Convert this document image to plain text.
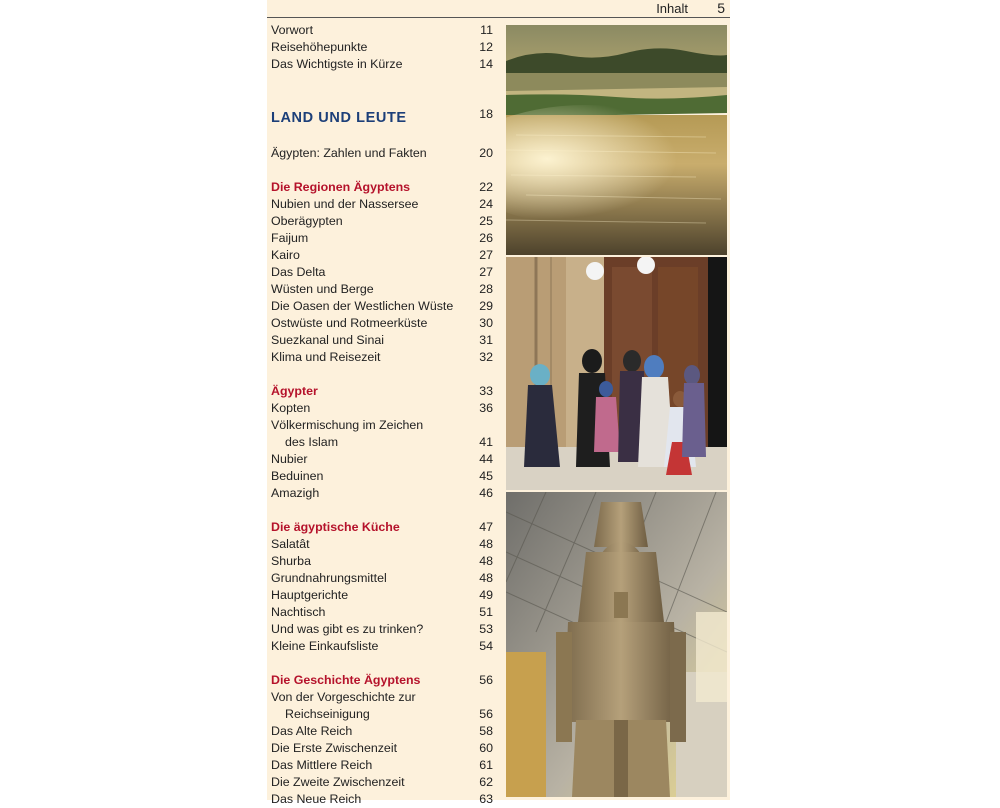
Inhalt 5
Vorwort	11
Reisehöhepunkte	12
Das Wichtigste in Kürze	14
LAND UND LEUTE	18
Ägypten: Zahlen und Fakten	20
Die Regionen Ägyptens	22
Nubien und der Nassersee	24
Oberägypten	25
Faijum	26
Kairo	27
Das Delta	27
Wüsten und Berge	28
Die Oasen der Westlichen Wüste 29
Ostwüste und Rotmeerküste	30
Suezkanal und Sinai	31
Klima und Reisezeit	32
Ägypter	33
Kopten	36
Völkermischung im Zeichen
des Islam	41
Nubier	44
Beduinen	45
Amazigh	46
Die ägyptische Küche	47
Salatât	48
Shurba	48
Grundnahrungsmittel	48
Hauptgerichte	49
Nachtisch	51
Und was gibt es zu trinken?	53
Kleine Einkaufsliste	54
Die Geschichte Ägyptens	56
Von der Vorgeschichte zur
Reichseinigung	56
Das Alte Reich	58
Die Erste Zwischenzeit	60
Das Mittlere Reich	61
Die Zweite Zwischenzeit	62
Das Neue Reich	63
